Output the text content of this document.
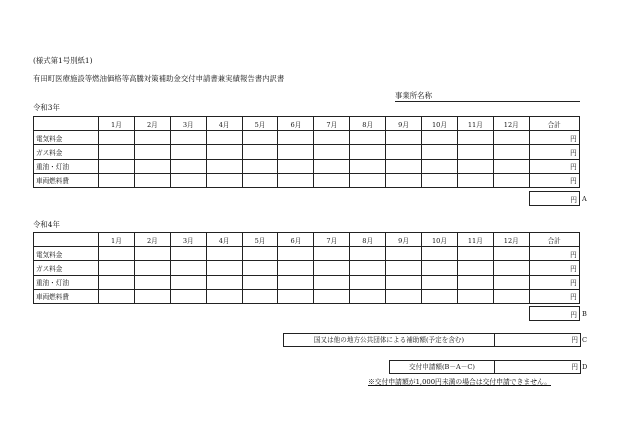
(様式第1号別紙1)
有田町医療施設等燃油価格等高騰対策補助金交付申請書兼実績報告書内訳書
事業所名称
令和3年
	1月	2月	3月	4月	5月	6月	7月	8月	9月	10月	11月	12月	合計
電気料金													円
ガス料金													円
重油・灯油													円
車両燃料費													円
円 A
令和4年
	1月	2月	3月	4月	5月	6月	7月	8月	9月	10月	11月	12月	合計
電気料金													円
ガス料金													円
重油・灯油													円
車両燃料費													円
円 B
国又は他の地方公共団体による補助額(予定を含む)	円 C
交付申請額(B－A－C)	円 D
※交付申請額が1,000円未満の場合は交付申請できません。
